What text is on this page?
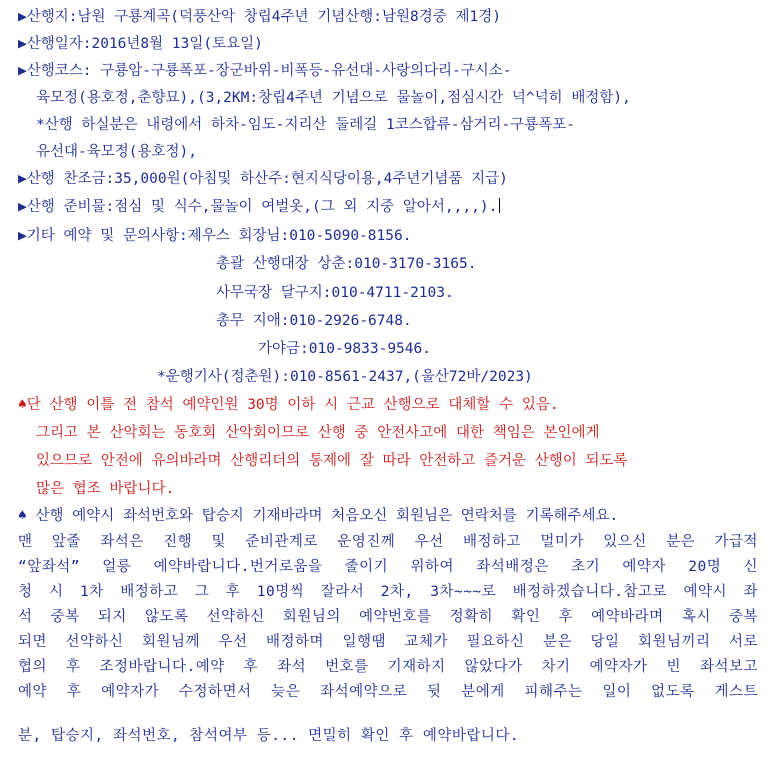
▶산행지:남원 구룡계곡(덕풍산악 창립4주년 기념산행:남원8경중 제1경)
▶산행일자:2016년8월 13일(토요일)
▶산행코스: 구룡암-구룡폭포-장군바위-비폭등-유선대-사랑의다리-구시소-
육모정(용호정,춘향묘),(3,2KM:창립4주년 기념으로 물놀이,점심시간 넉^넉히 배정함),
*산행 하실분은 내령에서 하차-임도-지리산 둘레길 1코스합류-삼거리-구룡폭포-
유선대-육모정(용호정),
▶산행 찬조금:35,000원(아침및 하산주:현지식당이용,4주년기념품 지급)
▶산행 준비물:점심 및 식수,물놀이 여벌옷,(그 외 지중 알아서,,,,).
▶기타 예약 및 문의사항:제우스 회장님:010-5090-8156.
총괄 산행대장 상춘:010-3170-3165.
사무국장 달구지:010-4711-2103.
총무 지애:010-2926-6748.
가야금:010-9833-9546.
*운행기사(정춘원):010-8561-2437,(울산72바/2023)
♠단 산행 이틀 전 참석 예약인원 30명 이하 시 근교 산행으로 대체할 수 있음.
그리고 본 산악회는 동호회 산악회이므로 산행 중 안전사고에 대한 책임은 본인에게
있으므로 안전에 유의바라며 산행리더의 통제에 잘 따라 안전하고 즐거운 산행이 되도록
많은 협조 바랍니다.
♠ 산행 예약시 좌석번호와 탑승지 기재바라며 처음오신 회원님은 연락처를 기록해주세요.
맨 앞줄 좌석은 진행 및 준비관계로 운영진께 우선 배정하고 멀미가 있으신 분은 가급적
“앞좌석” 얼릉 예약바랍니다.번거로움을 줄이기 위하여 좌석배정은 초기 예약자 20명 신
청 시 1차 배정하고 그 후 10명씩 잘라서 2차, 3차~~~로 배정하겠습니다.참고로 예약시 좌
석 중복 되지 않도록 선약하신 회원님의 예약번호를 정확히 확인 후 예약바라며 혹시 중복
되면 선약하신 회원님께 우선 배정하며 일행땜 교체가 필요하신 분은 당일 회원님끼리 서로
협의 후 조정바랍니다.예약 후 좌석 번호를 기재하지 않았다가 차기 예약자가 빈 좌석보고
예약 후 예약자가 수정하면서 늦은 좌석예약으로 뒷 분에게 피해주는 일이 없도록 게스트
분, 탑승지, 좌석번호, 참석여부 등... 면밀히 확인 후 예약바랍니다.
